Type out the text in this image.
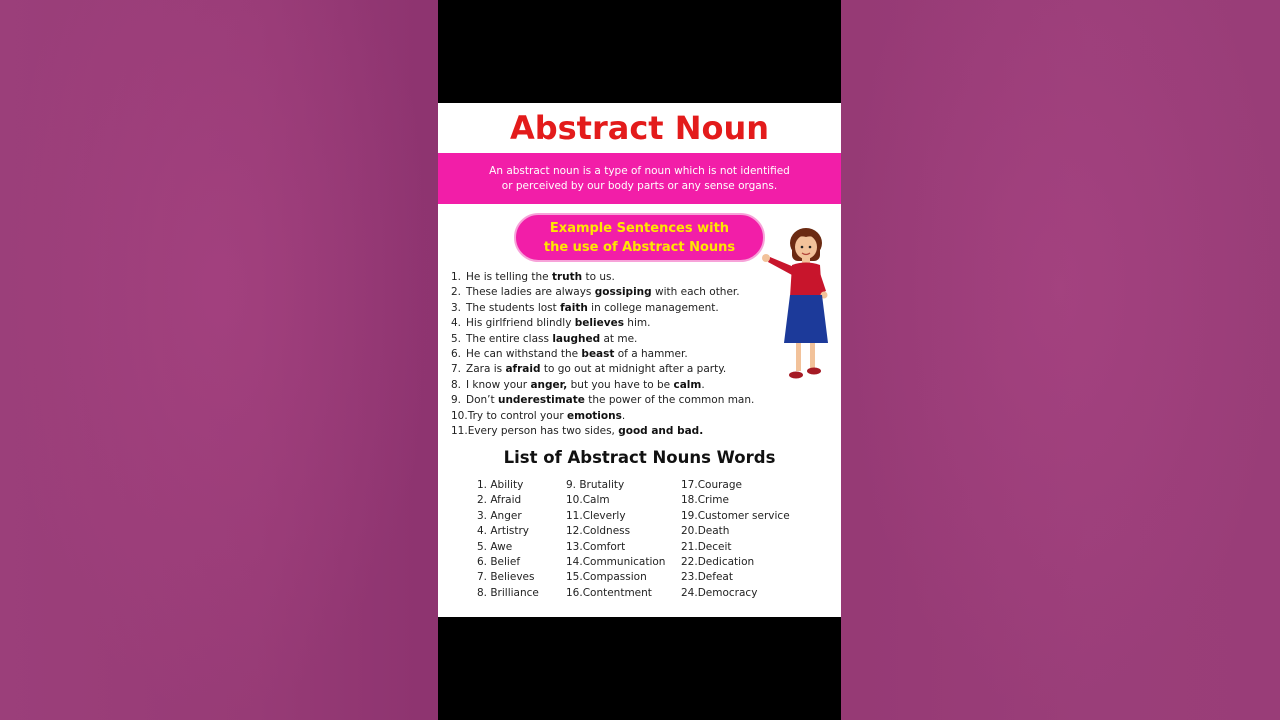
Abstract Noun
An abstract noun is a type of noun which is not identified
or perceived by our body parts or any sense organs.
Example Sentences with
the use of Abstract Nouns
1. He is telling the truth to us.
2. These ladies are always gossiping with each other.
3. The students lost faith in college management.
4. His girlfriend blindly believes him.
5. The entire class laughed at me.
6. He can withstand the beast of a hammer.
7. Zara is afraid to go out at midnight after a party.
8. I know your anger, but you have to be calm.
9. Don’t underestimate the power of the common man.
10.Try to control your emotions.
11.Every person has two sides, good and bad.
List of Abstract Nouns Words
1. Ability
2. Afraid
3. Anger
4. Artistry
5. Awe
6. Belief
7. Believes
8. Brilliance
9. Brutality
10.Calm
11.Cleverly
12.Coldness
13.Comfort
14.Communication
15.Compassion
16.Contentment
17.Courage
18.Crime
19.Customer service
20.Death
21.Deceit
22.Dedication
23.Defeat
24.Democracy
